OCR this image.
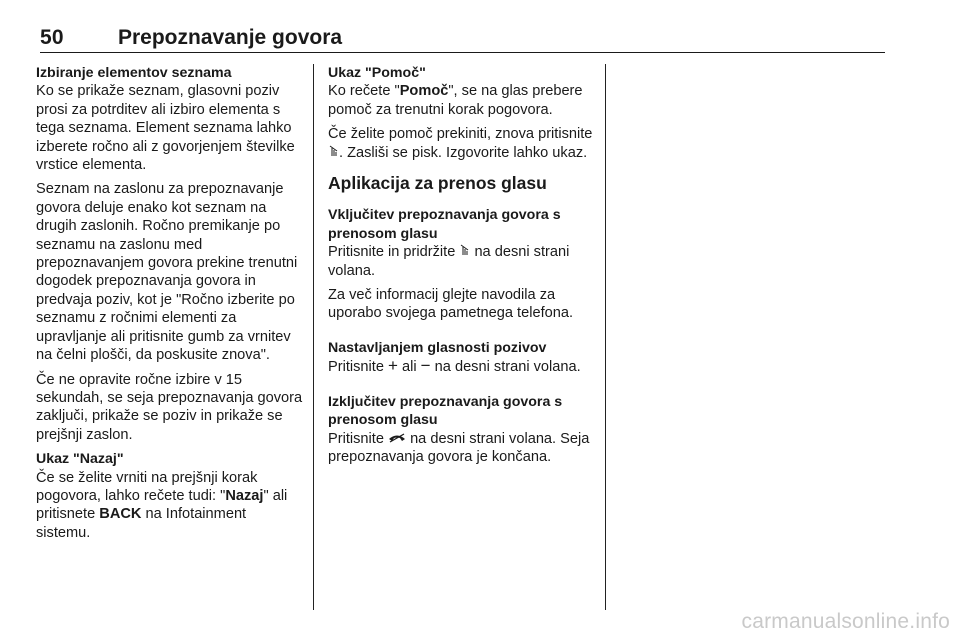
50	Prepoznavanje govora
Izbiranje elementov seznama
Ko se prikaže seznam, glasovni poziv prosi za potrditev ali izbiro elementa s tega seznama. Element seznama lahko izberete ročno ali z govorjenjem številke vrstice elementa.
Seznam na zaslonu za prepoznavanje govora deluje enako kot seznam na drugih zaslonih. Ročno premikanje po seznamu na zaslonu med prepoznavanjem govora prekine trenutni dogodek prepoznavanja govora in predvaja poziv, kot je "Ročno izberite po seznamu z ročnimi elementi za upravljanje ali pritisnite gumb za vrnitev na čelni plošči, da poskusite znova".
Če ne opravite ročne izbire v 15 sekundah, se seja prepoznavanja govora zaključi, prikaže se poziv in prikaže se prejšnji zaslon.
Ukaz "Nazaj"
Če se želite vrniti na prejšnji korak pogovora, lahko rečete tudi: "Nazaj" ali pritisnete BACK na Infotainment sistemu.
Ukaz "Pomoč"
Ko rečete "Pomoč", se na glas prebere pomoč za trenutni korak pogovora.
Če želite pomoč prekiniti, znova pritisnite . Zasliši se pisk. Izgovorite lahko ukaz.
Aplikacija za prenos glasu
Vključitev prepoznavanja govora s prenosom glasu
Pritisnite in pridržite  na desni strani volana.
Za več informacij glejte navodila za uporabo svojega pametnega telefona.
Nastavljanjem glasnosti pozivov
Pritisnite + ali − na desni strani volana.
Izključitev prepoznavanja govora s prenosom glasu
Pritisnite  na desni strani volana. Seja prepoznavanja govora je končana.
carmanualsonline.info
